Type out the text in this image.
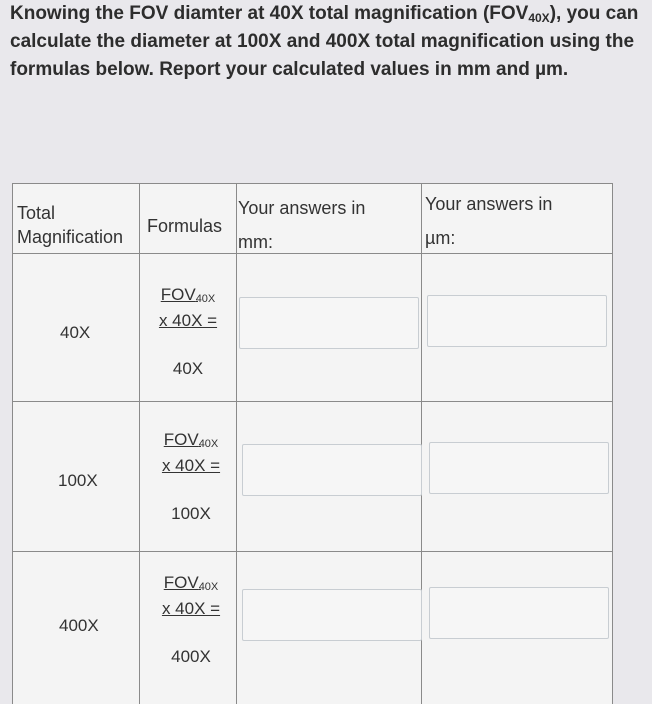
Knowing the FOV diamter at 40X total magnification $(FOV_{40X})$, you can calculate the diameter at 100X and 400X total magnification using the formulas below. Report your calculated values in mm and µm.
Total
Magnification
Formulas
Your answers in
mm:
Your answers in
µm:
40X
$FOV_{40X}$
x 40X =
40X
100X
$FOV_{40X}$
x 40X =
100X
400X
$FOV_{40X}$
x 40X =
400X
